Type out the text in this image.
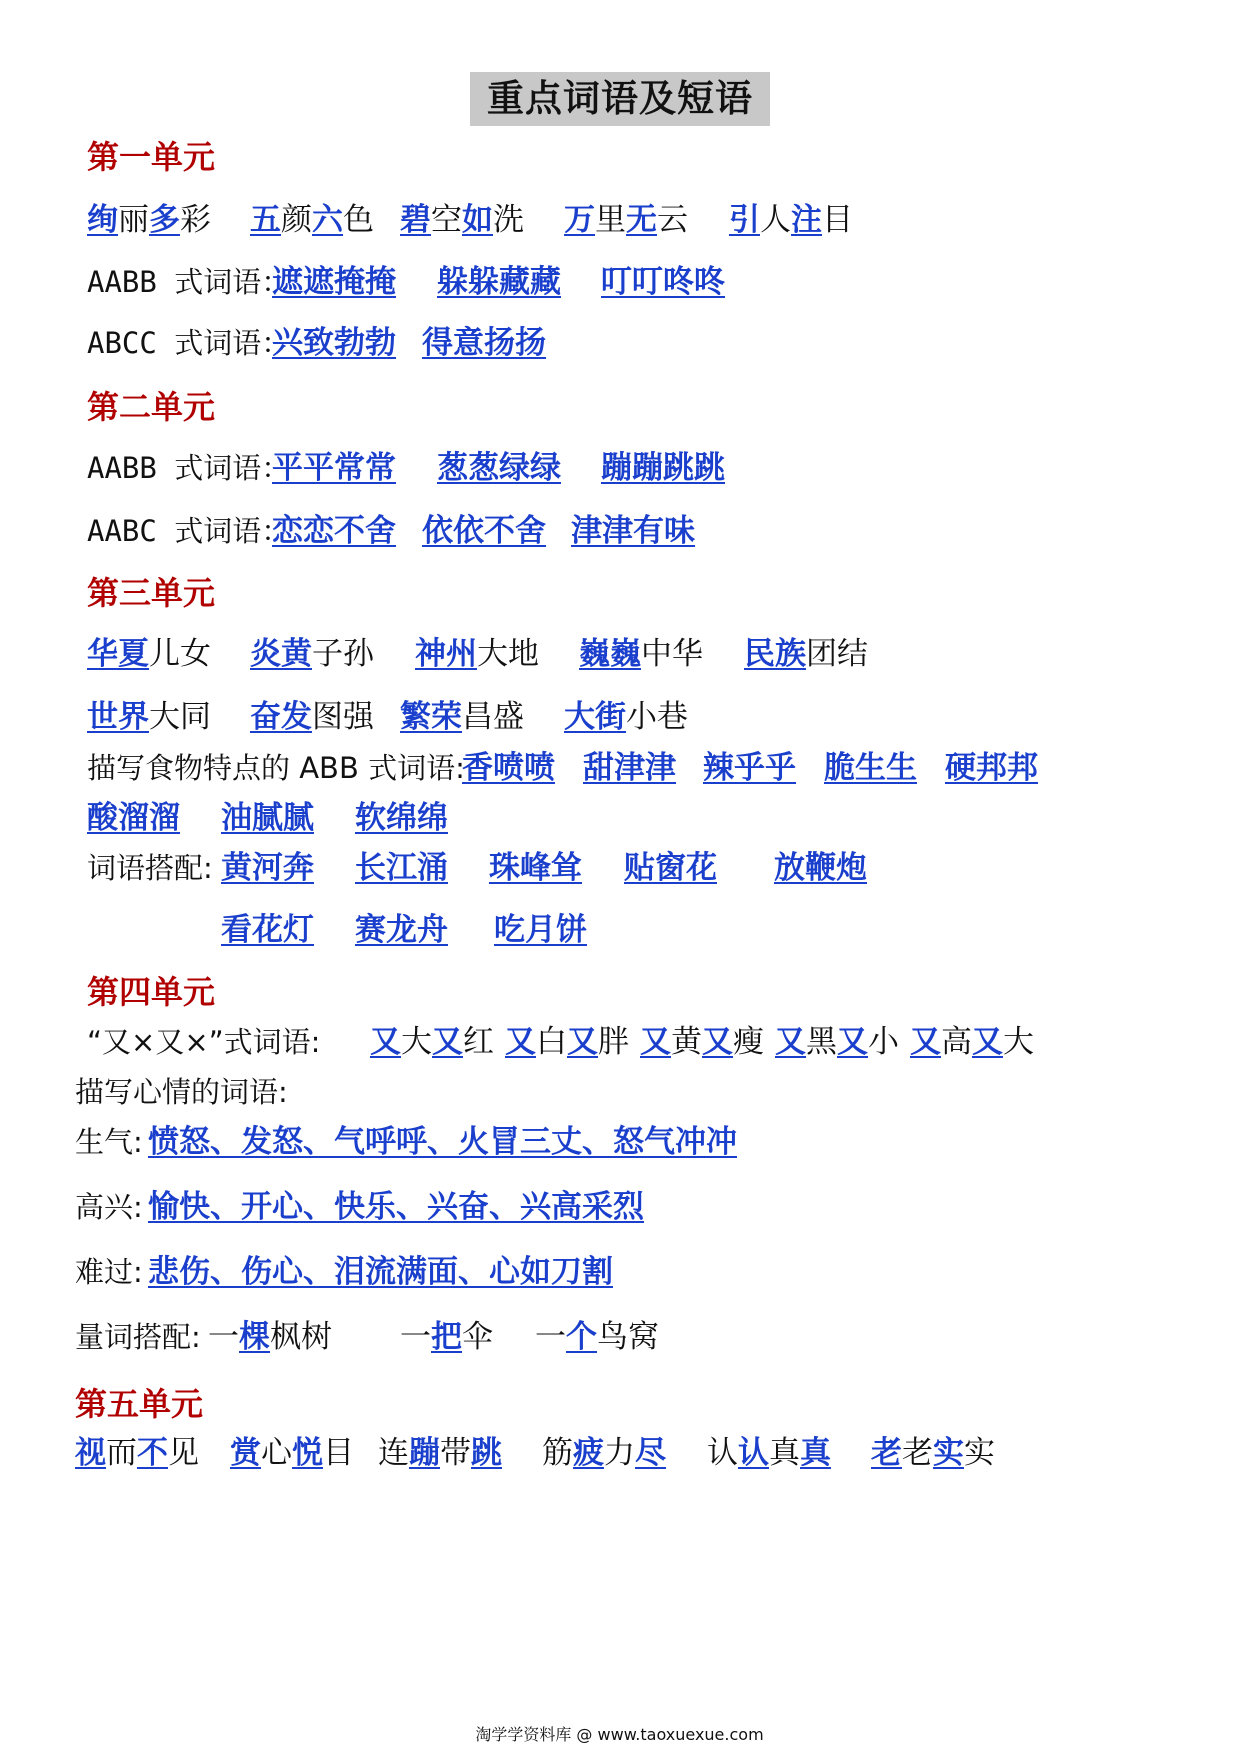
重点词语及短语
第一单元
绚丽多彩 五颜六色 碧空如洗 万里无云 引人注目
AABB 式词语：
遮遮掩掩 躲躲藏藏 叮叮咚咚
ABCC 式词语：
兴致勃勃 得意扬扬
第二单元
AABB 式词语：
平平常常 葱葱绿绿 蹦蹦跳跳
AABC 式词语：
恋恋不舍 依依不舍 津津有味
第三单元
华夏儿女 炎黄子孙 神州大地 巍巍中华 民族团结
世界大同 奋发图强 繁荣昌盛 大街小巷
描写食物特点的 ABB 式词语:
香喷喷 甜津津 辣乎乎 脆生生 硬邦邦
酸溜溜 油腻腻 软绵绵
词语搭配: 黄河奔 长江涌 珠峰耸 贴窗花 放鞭炮
看花灯 赛龙舟 吃月饼
第四单元
“又×又×”式词语: 又大又红 又白又胖 又黄又瘦 又黑又小 又高又大
描写心情的词语:
生气: 愤怒、发怒、气呼呼、火冒三丈、怒气冲冲
高兴: 愉快、开心、快乐、兴奋、兴高采烈
难过: 悲伤、伤心、泪流满面、心如刀割
量词搭配: 一棵枫树 一把伞 一个鸟窝
第五单元
视而不见 赏心悦目 连蹦带跳 筋疲力尽 认认真真 老老实实
淘学学资料库 @ www.taoxuexue.com
